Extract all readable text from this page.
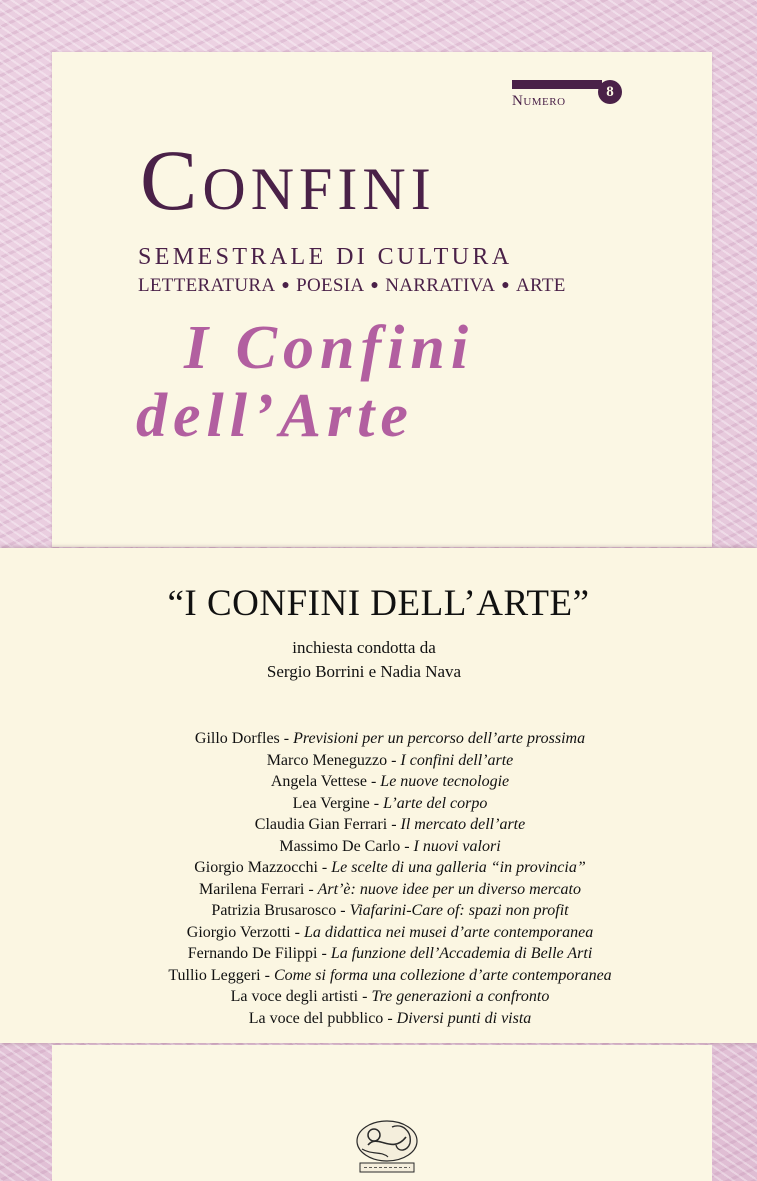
Numero
8
Confini
SEMESTRALE DI CULTURA
LETTERATURA ● POESIA ● NARRATIVA ● ARTE
I Confini
dell’Arte
“I CONFINI DELL’ARTE”
inchiesta condotta da
Sergio Borrini e Nadia Nava
Gillo Dorfles - Previsioni per un percorso dell’arte prossima
Marco Meneguzzo - I confini dell’arte
Angela Vettese - Le nuove tecnologie
Lea Vergine - L’arte del corpo
Claudia Gian Ferrari - Il mercato dell’arte
Massimo De Carlo - I nuovi valori
Giorgio Mazzocchi - Le scelte di una galleria “in provincia”
Marilena Ferrari - Art’è: nuove idee per un diverso mercato
Patrizia Brusarosco - Viafarini-Care of: spazi non profit
Giorgio Verzotti - La didattica nei musei d’arte contemporanea
Fernando De Filippi - La funzione dell’Accademia di Belle Arti
Tullio Leggeri - Come si forma una collezione d’arte contemporanea
La voce degli artisti - Tre generazioni a confronto
La voce del pubblico - Diversi punti di vista
